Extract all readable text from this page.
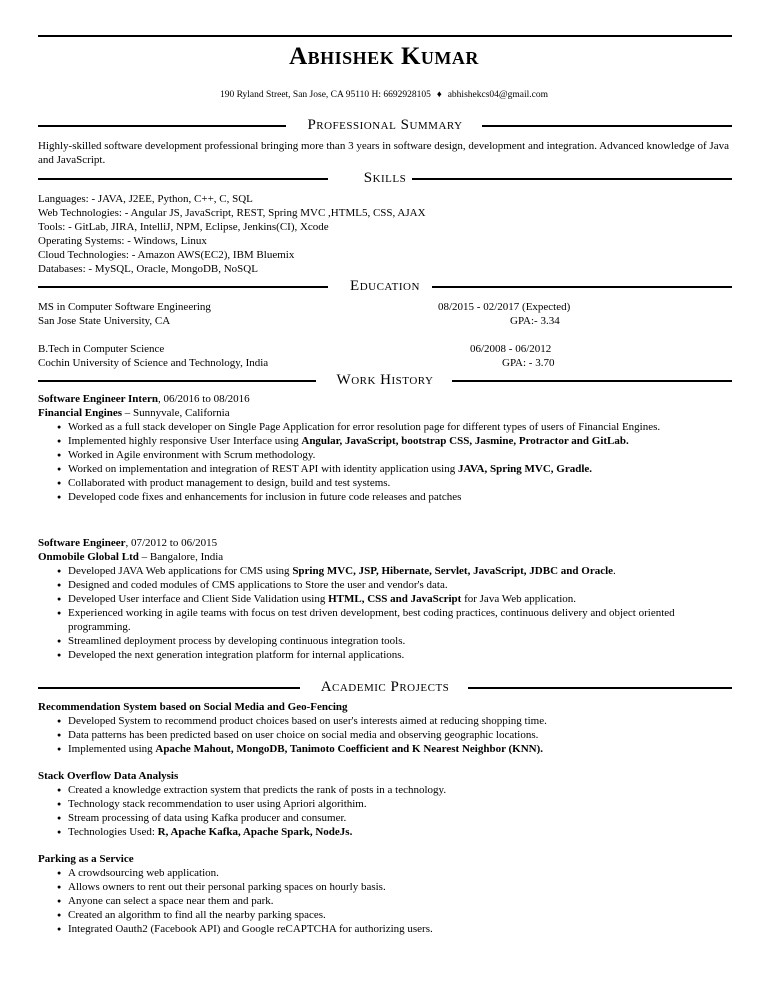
Abhishek Kumar
190 Ryland Street, San Jose, CA 95110 H: 6692928105 ♦ abhishekcs04@gmail.com
Professional Summary

Highly-skilled software development professional bringing more than 3 years in software design, development and integration. Advanced knowledge of Java and JavaScript.

Skills

Languages: - JAVA, J2EE, Python, C++, C, SQL

Web Technologies: - Angular JS, JavaScript, REST, Spring MVC ,HTML5, CSS, AJAX

Tools: - GitLab, JIRA, IntelliJ, NPM, Eclipse, Jenkins(CI), Xcode

Operating Systems: - Windows, Linux

Cloud Technologies: - Amazon AWS(EC2), IBM Bluemix

Databases: - MySQL, Oracle, MongoDB, NoSQL

Education
MS in Computer Software Engineering	08/2015 - 02/2017 (Expected)
San Jose State University, CA	GPA:- 3.34
B.Tech in Computer Science	06/2008 - 06/2012
Cochin University of Science and Technology, India	GPA: - 3.70
Work History

Software Engineer Intern, 06/2016 to 08/2016

Financial Engines – Sunnyvale, California

● Worked as a full stack developer on Single Page Application for error resolution page for different types of users of Financial Engines.
● Implemented highly responsive User Interface using Angular, JavaScript, bootstrap CSS, Jasmine, Protractor and GitLab.
● Worked in Agile environment with Scrum methodology.
● Worked on implementation and integration of REST API with identity application using JAVA, Spring MVC, Gradle.
● Collaborated with product management to design, build and test systems.
● Developed code fixes and enhancements for inclusion in future code releases and patches

Software Engineer, 07/2012 to 06/2015

Onmobile Global Ltd – Bangalore, India

● Developed JAVA Web applications for CMS using Spring MVC, JSP, Hibernate, Servlet, JavaScript, JDBC and Oracle.
● Designed and coded modules of CMS applications to Store the user and vendor's data.
● Developed User interface and Client Side Validation using HTML, CSS and JavaScript for Java Web application.
● Experienced working in agile teams with focus on test driven development, best coding practices, continuous delivery and object oriented programming.
● Streamlined deployment process by developing continuous integration tools.
● Developed the next generation integration platform for internal applications.
Academic Projects

Recommendation System based on Social Media and Geo-Fencing

● Developed System to recommend product choices based on user's interests aimed at reducing shopping time.
● Data patterns has been predicted based on user choice on social media and observing geographic locations.
● Implemented using Apache Mahout, MongoDB, Tanimoto Coefficient and K Nearest Neighbor (KNN).

Stack Overflow Data Analysis

● Created a knowledge extraction system that predicts the rank of posts in a technology.
● Technology stack recommendation to user using Apriori algorithim.
● Stream processing of data using Kafka producer and consumer.
● Technologies Used: R, Apache Kafka, Apache Spark, NodeJs.

Parking as a Service

● A crowdsourcing web application.
● Allows owners to rent out their personal parking spaces on hourly basis.
● Anyone can select a space near them and park.
● Created an algorithm to find all the nearby parking spaces.
● Integrated Oauth2 (Facebook API) and Google reCAPTCHA for authorizing users.
